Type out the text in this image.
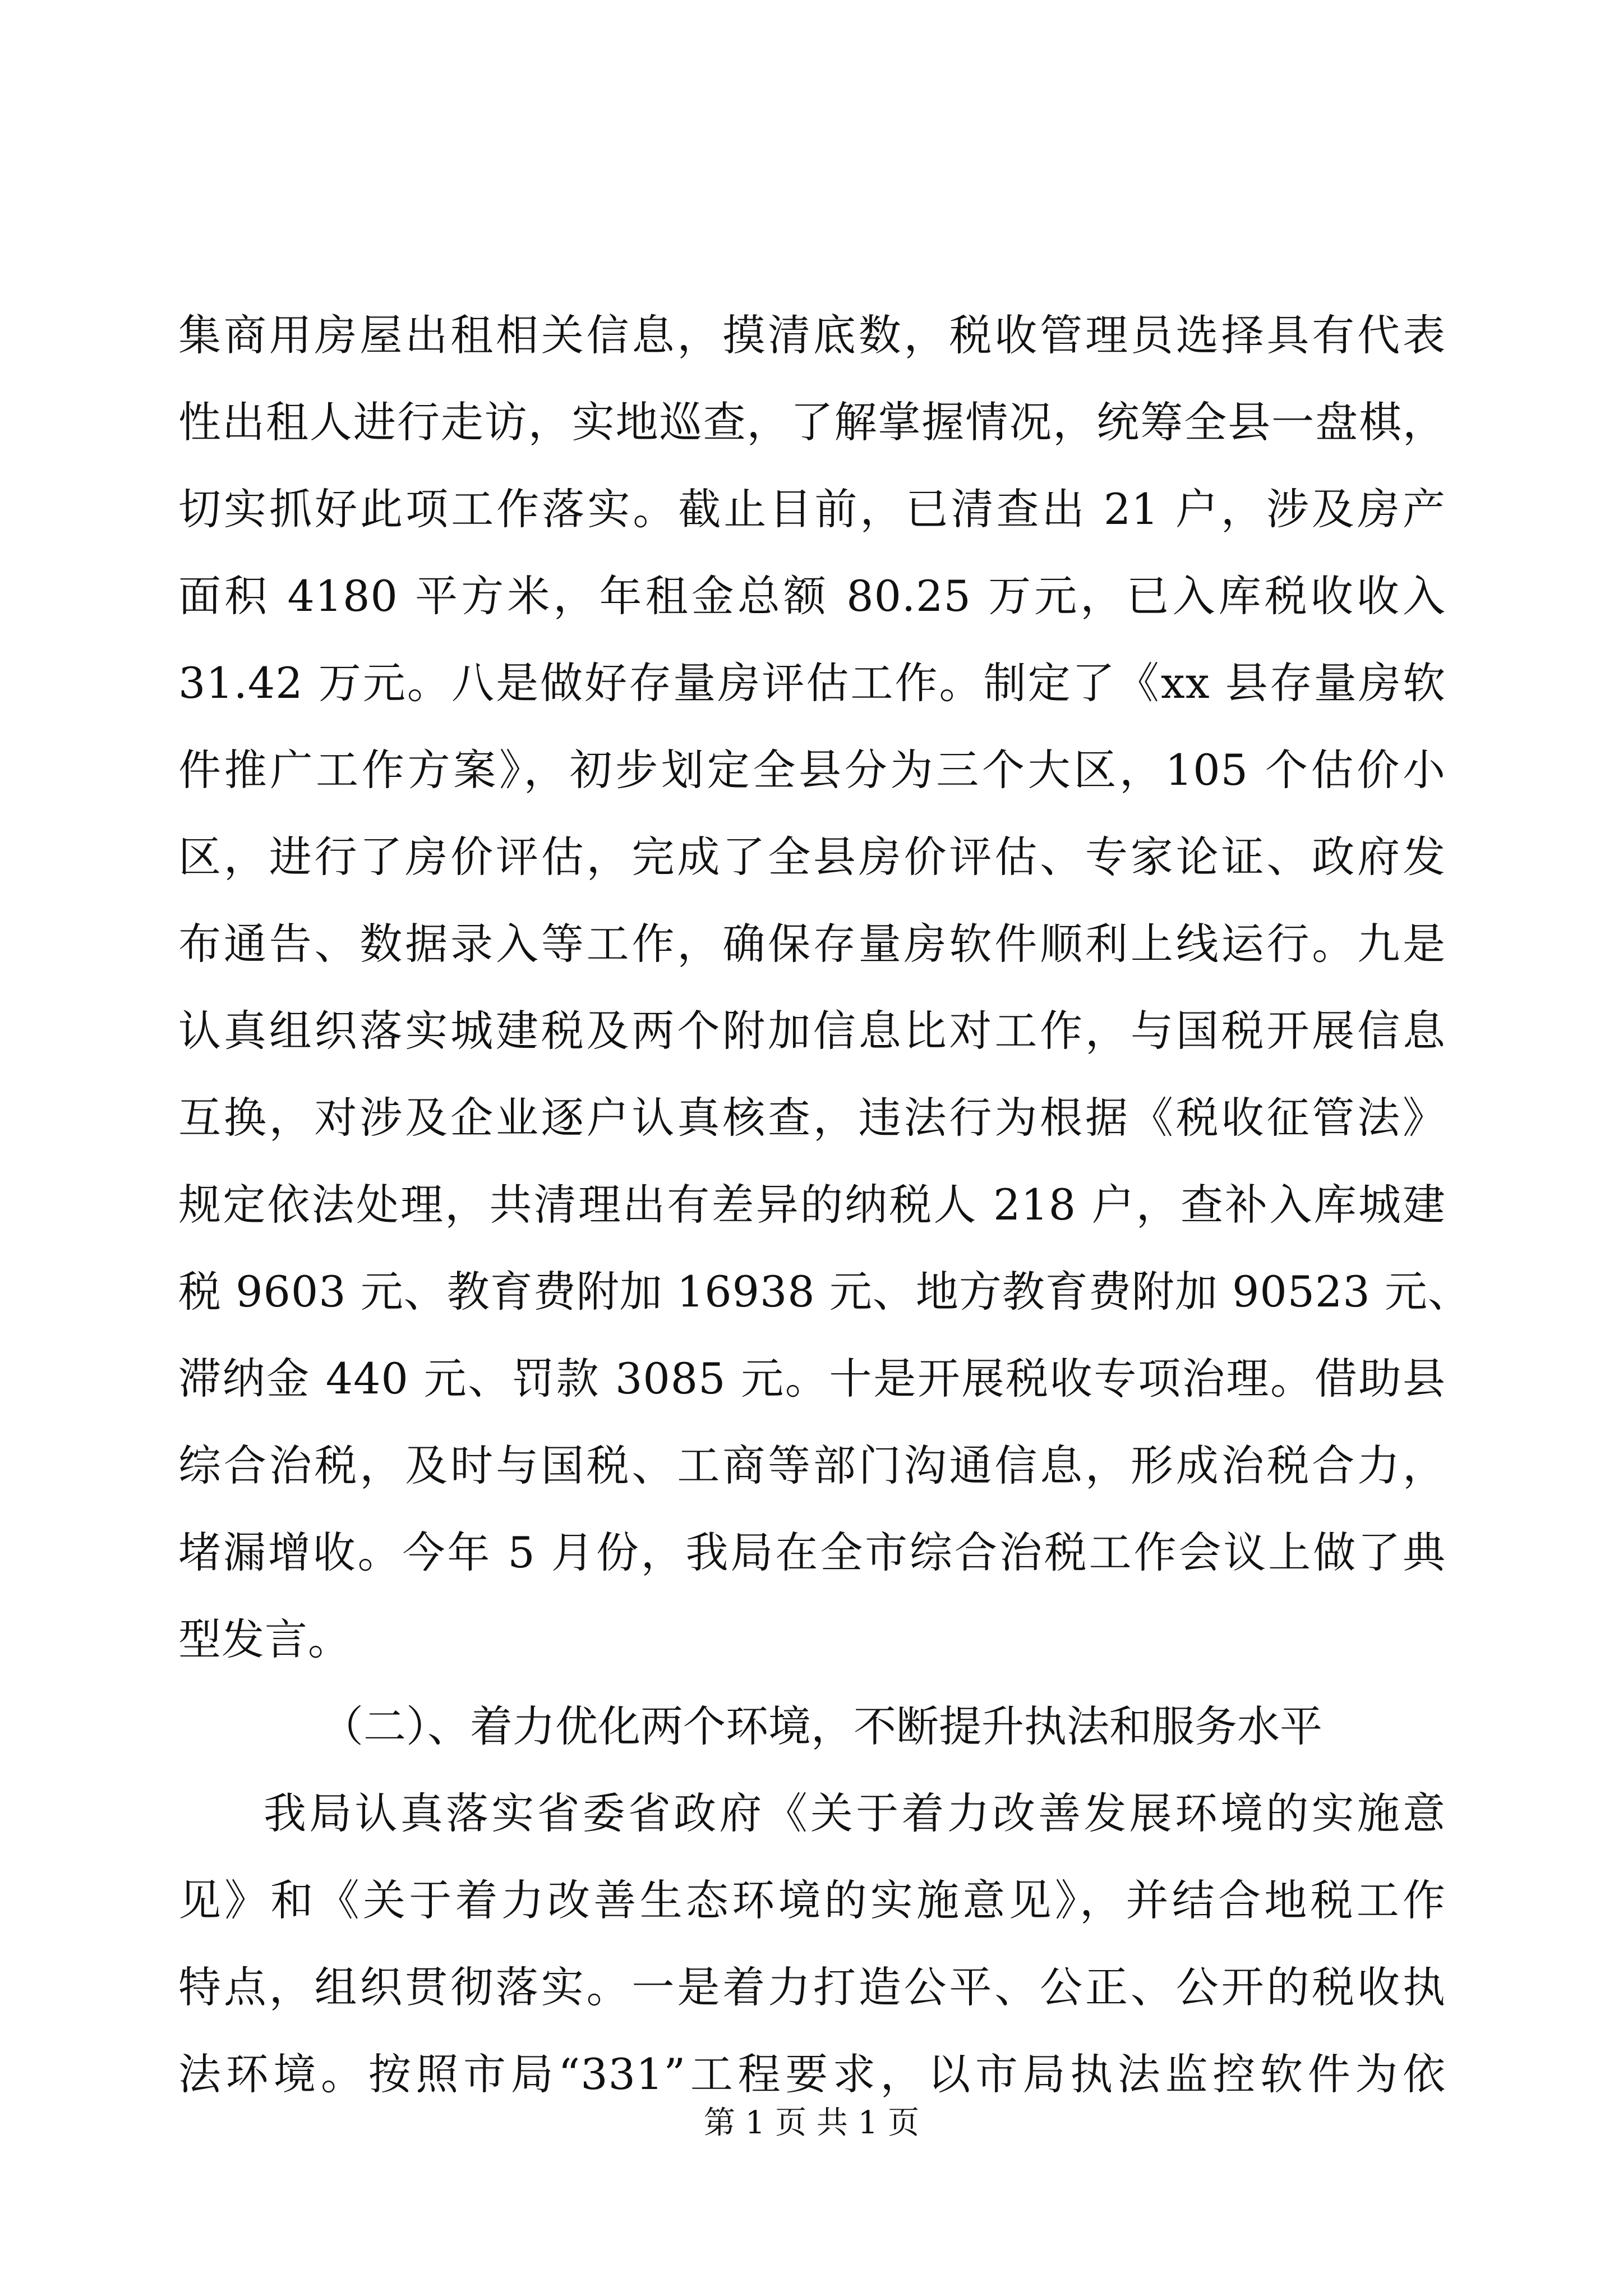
集商用房屋出租相关信息，摸清底数，税收管理员选择具有代表
性出租人进行走访，实地巡查，了解掌握情况，统筹全县一盘棋，
切实抓好此项工作落实。截止目前，已清查出 21 户，涉及房产
面积 4180 平方米，年租金总额 80.25 万元，已入库税收收入
31.42 万元。八是做好存量房评估工作。制定了《xx 县存量房软
件推广工作方案》，初步划定全县分为三个大区，105 个估价小
区，进行了房价评估，完成了全县房价评估、专家论证、政府发
布通告、数据录入等工作，确保存量房软件顺利上线运行。九是
认真组织落实城建税及两个附加信息比对工作，与国税开展信息
互换，对涉及企业逐户认真核查，违法行为根据《税收征管法》
规定依法处理，共清理出有差异的纳税人 218 户，查补入库城建
税 9603 元、教育费附加 16938 元、地方教育费附加 90523 元、
滞纳金 440 元、罚款 3085 元。十是开展税收专项治理。借助县
综合治税，及时与国税、工商等部门沟通信息，形成治税合力，
堵漏增收。今年 5 月份，我局在全市综合治税工作会议上做了典
型发言。
（二）、着力优化两个环境，不断提升执法和服务水平
我局认真落实省委省政府《关于着力改善发展环境的实施意
见》和《关于着力改善生态环境的实施意见》，并结合地税工作
特点，组织贯彻落实。一是着力打造公平、公正、公开的税收执
法环境。按照市局“331”工程要求，以市局执法监控软件为依
第 1 页 共 1 页
